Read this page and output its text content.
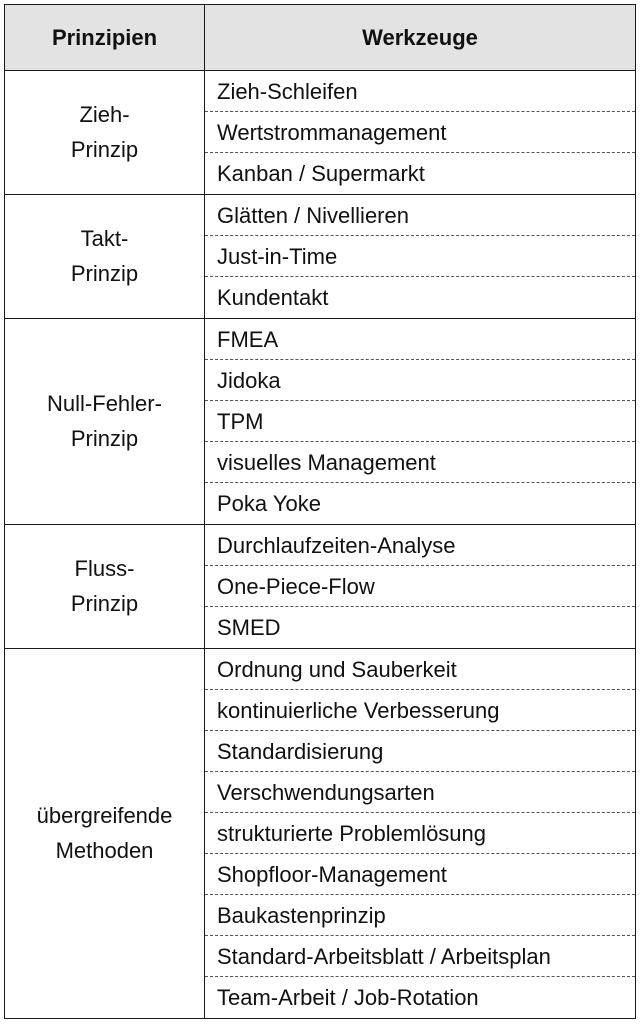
Prinzipien	Werkzeuge
Zieh-
Prinzip
Zieh-Schleifen
Wertstrommanagement
Kanban / Supermarkt
Takt-
Prinzip
Glätten / Nivellieren
Just-in-Time
Kundentakt
Null-Fehler-
Prinzip
FMEA
Jidoka
TPM
visuelles Management
Poka Yoke
Fluss-
Prinzip
Durchlaufzeiten-Analyse
One-Piece-Flow
SMED
übergreifende
Methoden
Ordnung und Sauberkeit
kontinuierliche Verbesserung
Standardisierung
Verschwendungsarten
strukturierte Problemlösung
Shopfloor-Management
Baukastenprinzip
Standard-Arbeitsblatt / Arbeitsplan
Team-Arbeit / Job-Rotation
